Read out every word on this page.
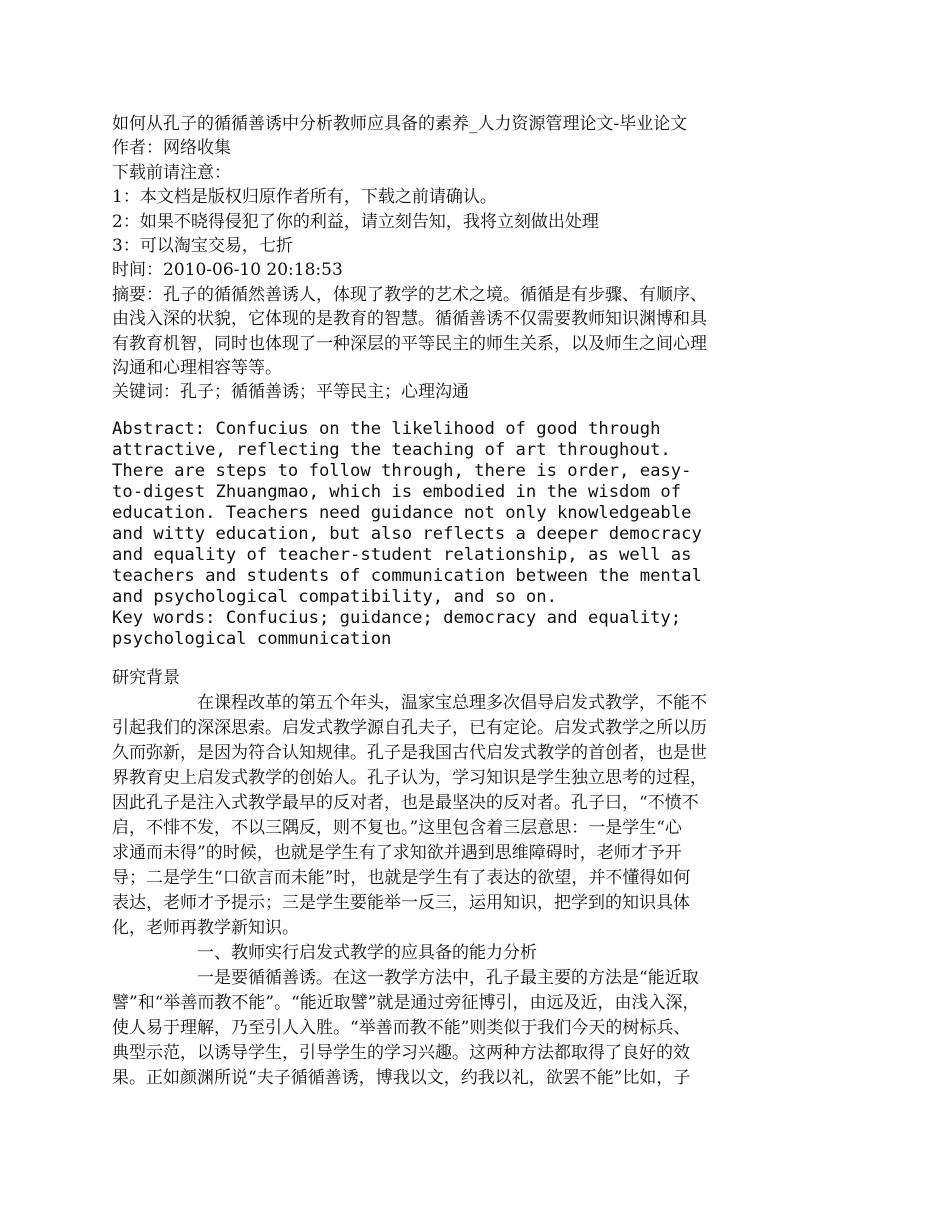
如何从孔子的循循善诱中分析教师应具备的素养_人力资源管理论文-毕业论文
作者：网络收集
下载前请注意：
1：本文档是版权归原作者所有，下载之前请确认。
2：如果不晓得侵犯了你的利益，请立刻告知，我将立刻做出处理
3：可以淘宝交易，七折
时间：2010-06-10 20:18:53
摘要：孔子的循循然善诱人，体现了教学的艺术之境。循循是有步骤、有顺序、
由浅入深的状貌，它体现的是教育的智慧。循循善诱不仅需要教师知识渊博和具
有教育机智，同时也体现了一种深层的平等民主的师生关系，以及师生之间心理
沟通和心理相容等等。
关键词：孔子；循循善诱；平等民主；心理沟通
Abstract: Confucius on the likelihood of good through
attractive, reflecting the teaching of art throughout.
There are steps to follow through, there is order, easy-
to-digest Zhuangmao, which is embodied in the wisdom of
education. Teachers need guidance not only knowledgeable
and witty education, but also reflects a deeper democracy
and equality of teacher-student relationship, as well as
teachers and students of communication between the mental
and psychological compatibility, and so on.
Key words: Confucius; guidance; democracy and equality;
psychological communication
研究背景
　　　　　在课程改革的第五个年头，温家宝总理多次倡导启发式教学，不能不
引起我们的深深思索。启发式教学源自孔夫子，已有定论。启发式教学之所以历
久而弥新，是因为符合认知规律。孔子是我国古代启发式教学的首创者，也是世
界教育史上启发式教学的创始人。孔子认为，学习知识是学生独立思考的过程，
因此孔子是注入式教学最早的反对者，也是最坚决的反对者。孔子曰，“不愤不
启，不悱不发，不以三隅反，则不复也。”这里包含着三层意思：一是学生“心
求通而未得”的时候，也就是学生有了求知欲并遇到思维障碍时，老师才予开
导；二是学生“口欲言而未能”时，也就是学生有了表达的欲望，并不懂得如何
表达，老师才予提示；三是学生要能举一反三，运用知识，把学到的知识具体
化，老师再教学新知识。
　　　　　一、教师实行启发式教学的应具备的能力分析
　　　　　一是要循循善诱。在这一教学方法中，孔子最主要的方法是“能近取
譬”和“举善而教不能”。“能近取譬”就是通过旁征博引，由远及近，由浅入深，
使人易于理解，乃至引人入胜。“举善而教不能”则类似于我们今天的树标兵、
典型示范，以诱导学生，引导学生的学习兴趣。这两种方法都取得了良好的效
果。正如颜渊所说“夫子循循善诱，博我以文，约我以礼，欲罢不能”比如，子
